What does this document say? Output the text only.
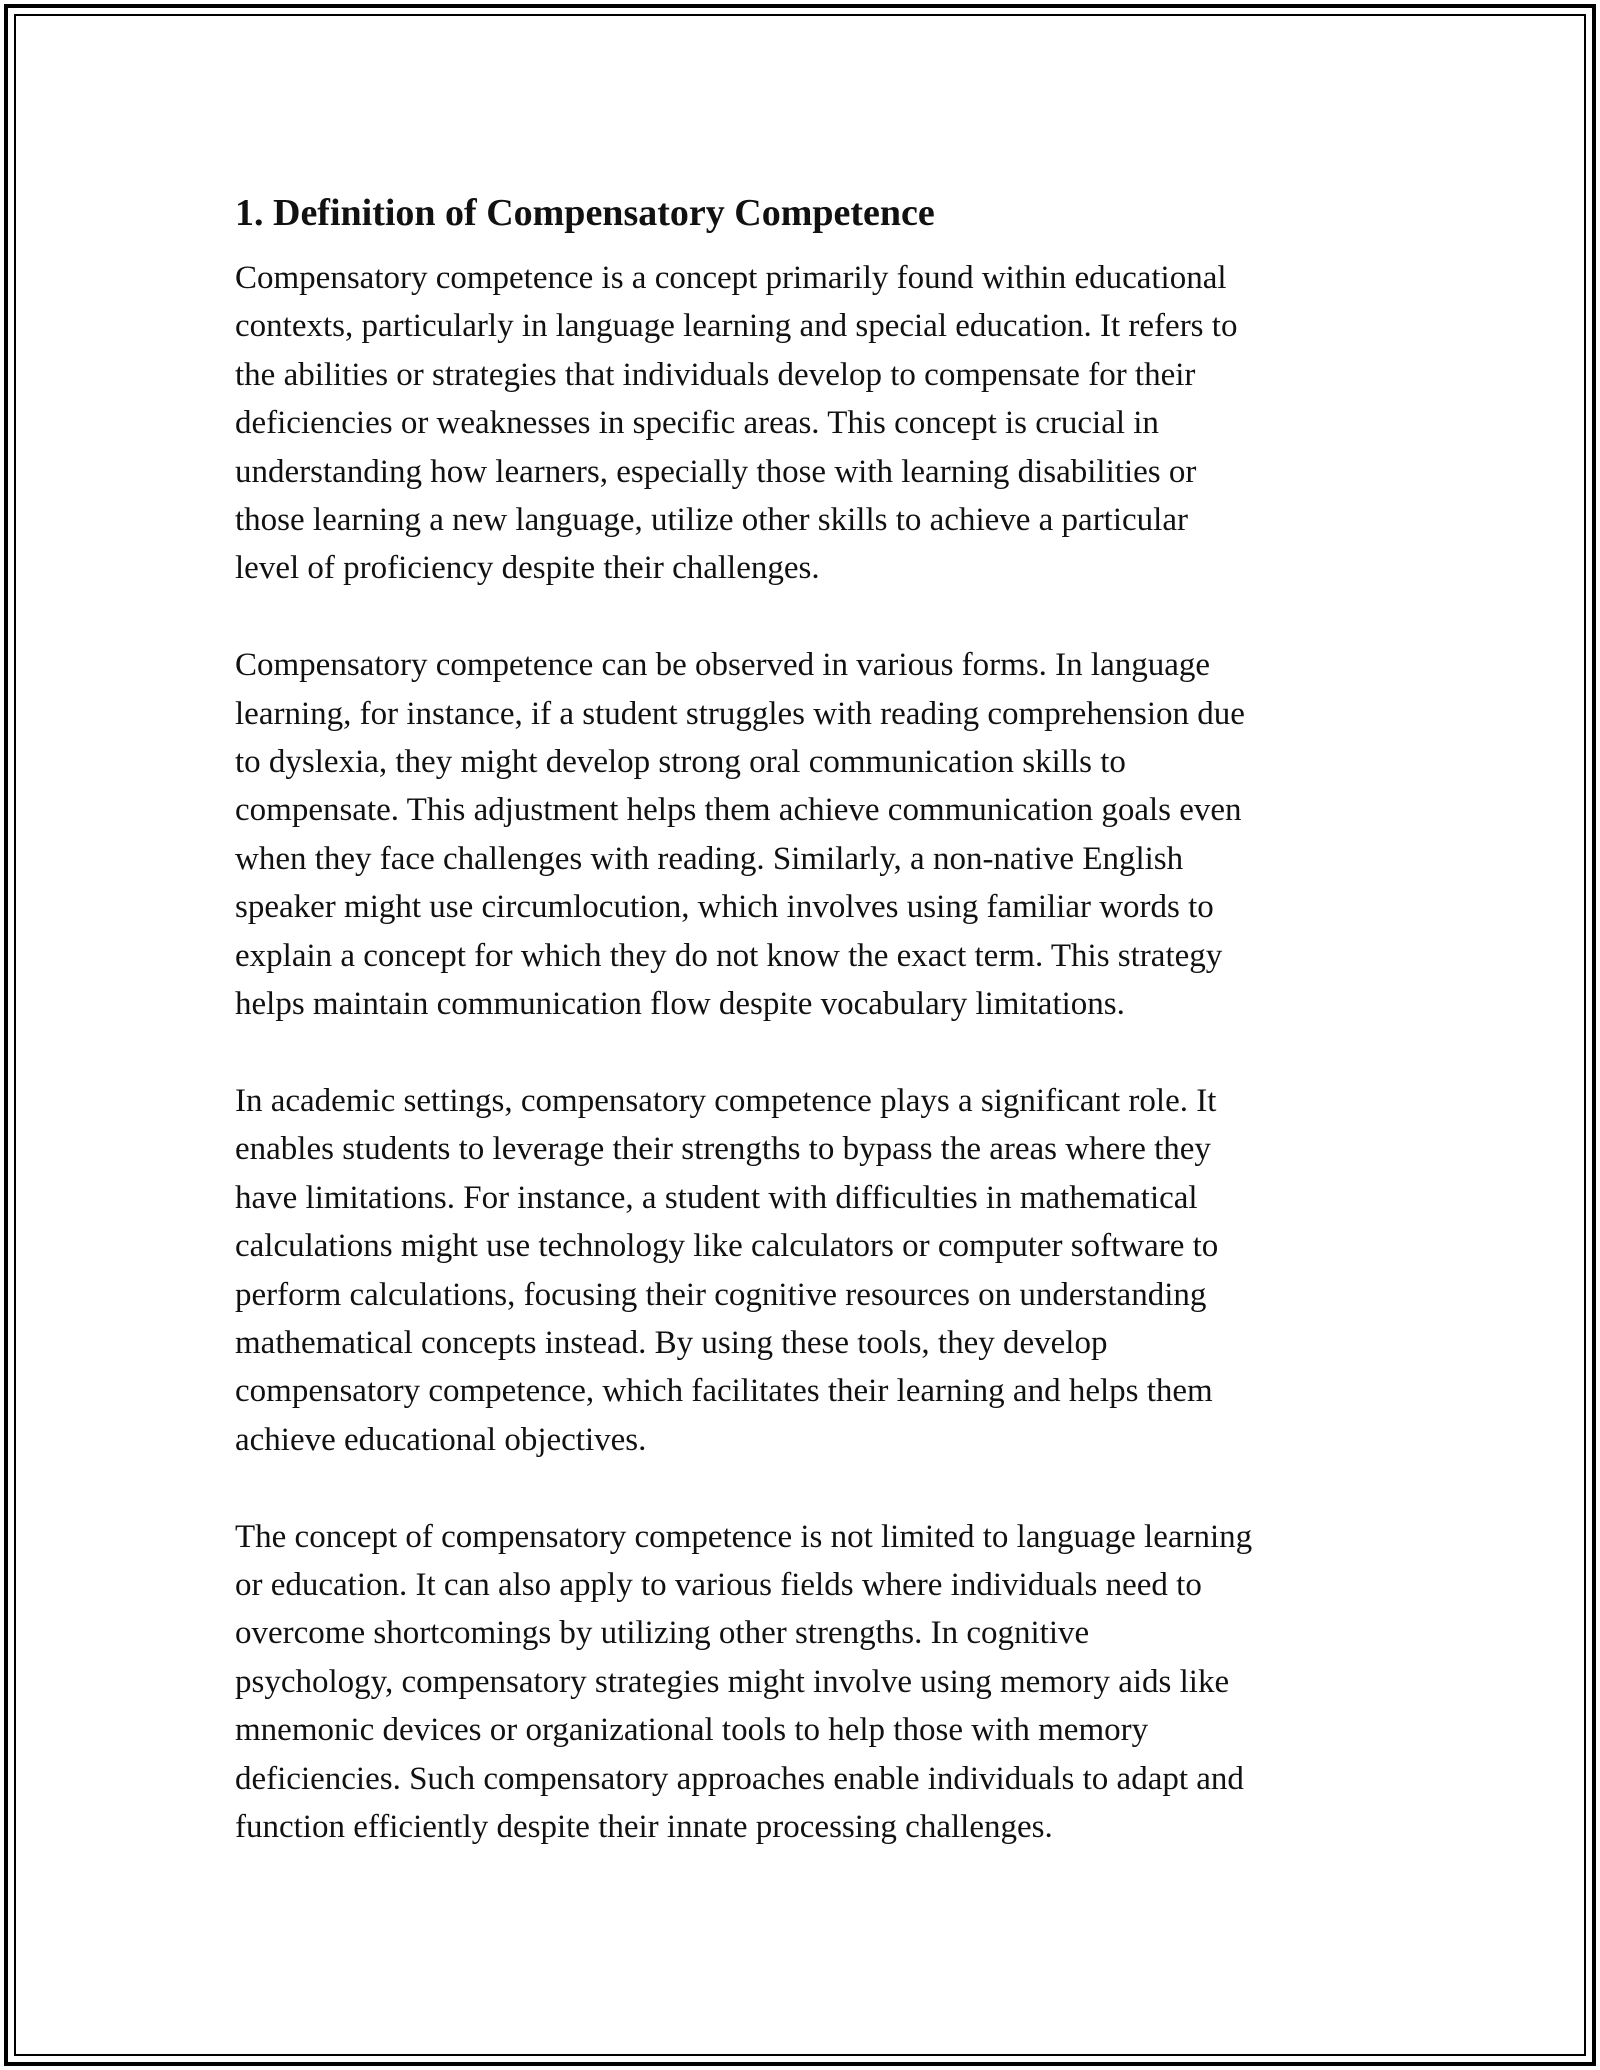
1. Definition of Compensatory Competence

Compensatory competence is a concept primarily found within educational
contexts, particularly in language learning and special education. It refers to
the abilities or strategies that individuals develop to compensate for their
deficiencies or weaknesses in specific areas. This concept is crucial in
understanding how learners, especially those with learning disabilities or
those learning a new language, utilize other skills to achieve a particular
level of proficiency despite their challenges.

Compensatory competence can be observed in various forms. In language
learning, for instance, if a student struggles with reading comprehension due
to dyslexia, they might develop strong oral communication skills to
compensate. This adjustment helps them achieve communication goals even
when they face challenges with reading. Similarly, a non-native English
speaker might use circumlocution, which involves using familiar words to
explain a concept for which they do not know the exact term. This strategy
helps maintain communication flow despite vocabulary limitations.

In academic settings, compensatory competence plays a significant role. It
enables students to leverage their strengths to bypass the areas where they
have limitations. For instance, a student with difficulties in mathematical
calculations might use technology like calculators or computer software to
perform calculations, focusing their cognitive resources on understanding
mathematical concepts instead. By using these tools, they develop
compensatory competence, which facilitates their learning and helps them
achieve educational objectives.

The concept of compensatory competence is not limited to language learning
or education. It can also apply to various fields where individuals need to
overcome shortcomings by utilizing other strengths. In cognitive
psychology, compensatory strategies might involve using memory aids like
mnemonic devices or organizational tools to help those with memory
deficiencies. Such compensatory approaches enable individuals to adapt and
function efficiently despite their innate processing challenges.
